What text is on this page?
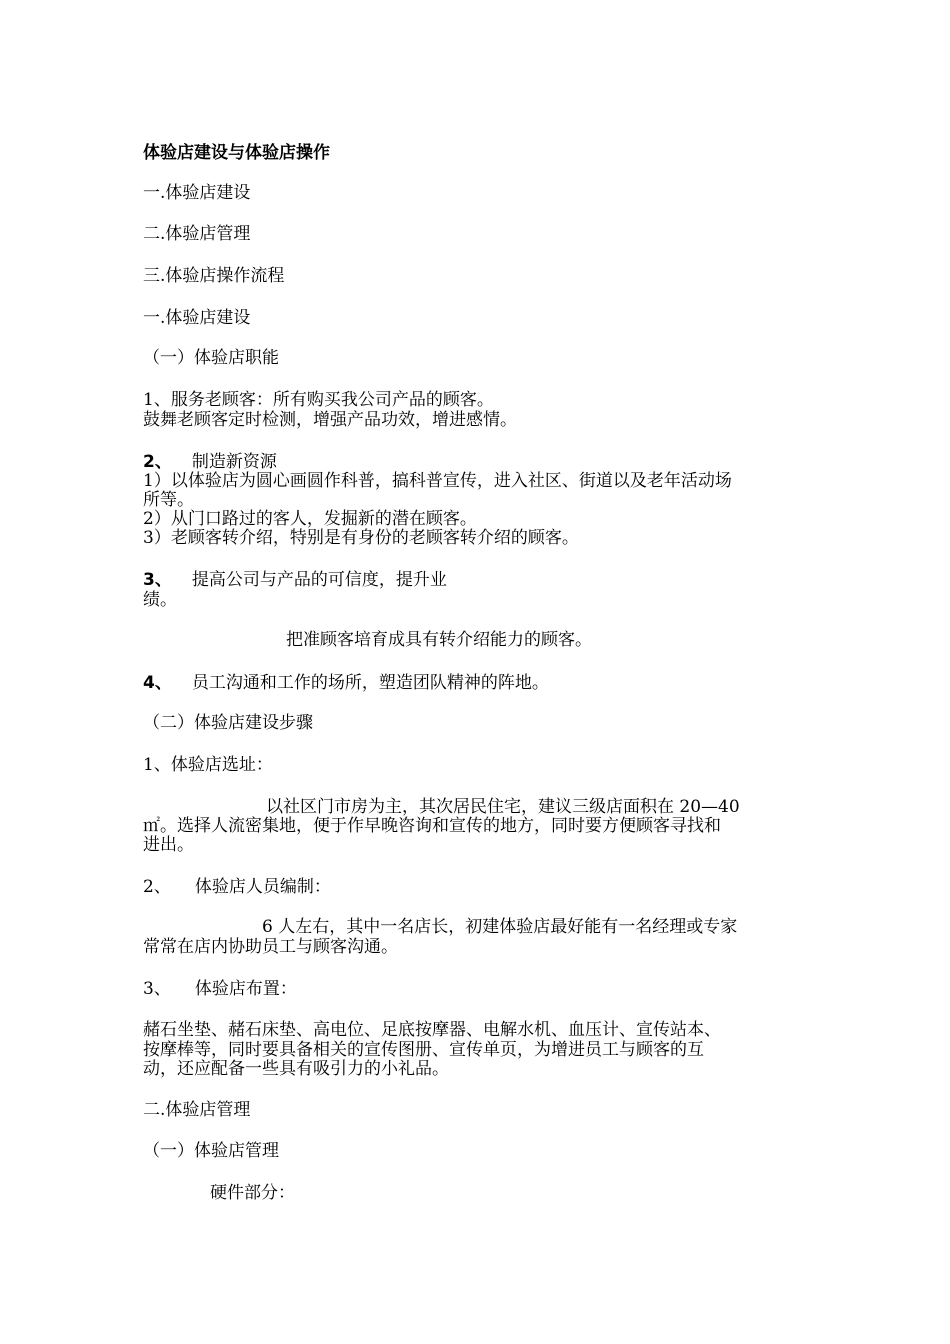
体验店建设与体验店操作

一.体验店建设

二.体验店管理

三.体验店操作流程

一.体验店建设

（一）体验店职能

1、服务老顾客：所有购买我公司产品的顾客。

鼓舞老顾客定时检测，增强产品功效，增进感情。

2、 制造新资源

1）以体验店为圆心画圆作科普，搞科普宣传，进入社区、街道以及老年活动场

所等。

2）从门口路过的客人，发掘新的潜在顾客。

3）老顾客转介绍，特别是有身份的老顾客转介绍的顾客。

3、 提高公司与产品的可信度，提升业

绩。

把准顾客培育成具有转介绍能力的顾客。

4、 员工沟通和工作的场所，塑造团队精神的阵地。

（二）体验店建设步骤

1、体验店选址：

以社区门市房为主，其次居民住宅，建议三级店面积在 20—40

㎡。选择人流密集地，便于作早晚咨询和宣传的地方，同时要方便顾客寻找和

进出。

2、 体验店人员编制：

6 人左右，其中一名店长，初建体验店最好能有一名经理或专家

常常在店内协助员工与顾客沟通。

3、 体验店布置：

赭石坐垫、赭石床垫、高电位、足底按摩器、电解水机、血压计、宣传站本、

按摩棒等，同时要具备相关的宣传图册、宣传单页，为增进员工与顾客的互

动，还应配备一些具有吸引力的小礼品。

二.体验店管理

（一）体验店管理

硬件部分：
